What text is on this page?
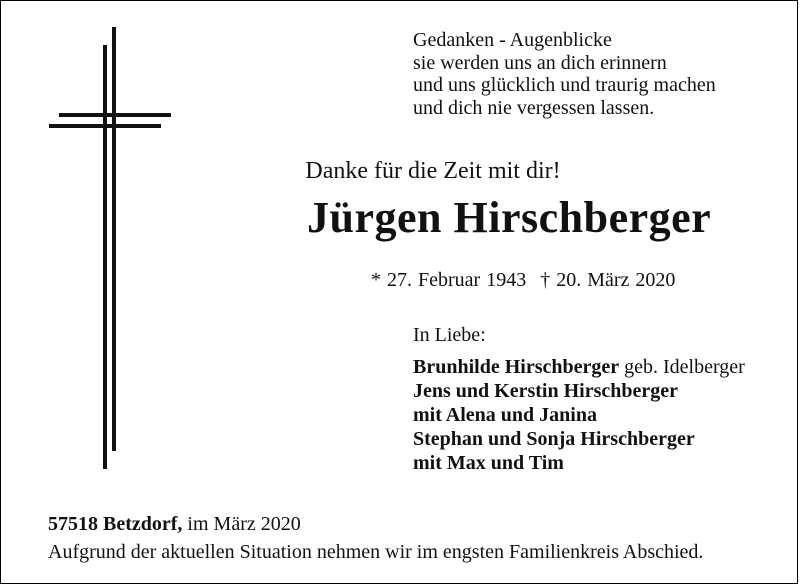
Gedanken - Augenblicke
sie werden uns an dich erinnern
und uns glücklich und traurig machen
und dich nie vergessen lassen.
Danke für die Zeit mit dir!
Jürgen Hirschberger
* 27. Februar 1943 † 20. März 2020
In Liebe:
Brunhilde Hirschberger geb. Idelberger
Jens und Kerstin Hirschberger
mit Alena und Janina
Stephan und Sonja Hirschberger
mit Max und Tim
57518 Betzdorf, im März 2020
Aufgrund der aktuellen Situation nehmen wir im engsten Familienkreis Abschied.
